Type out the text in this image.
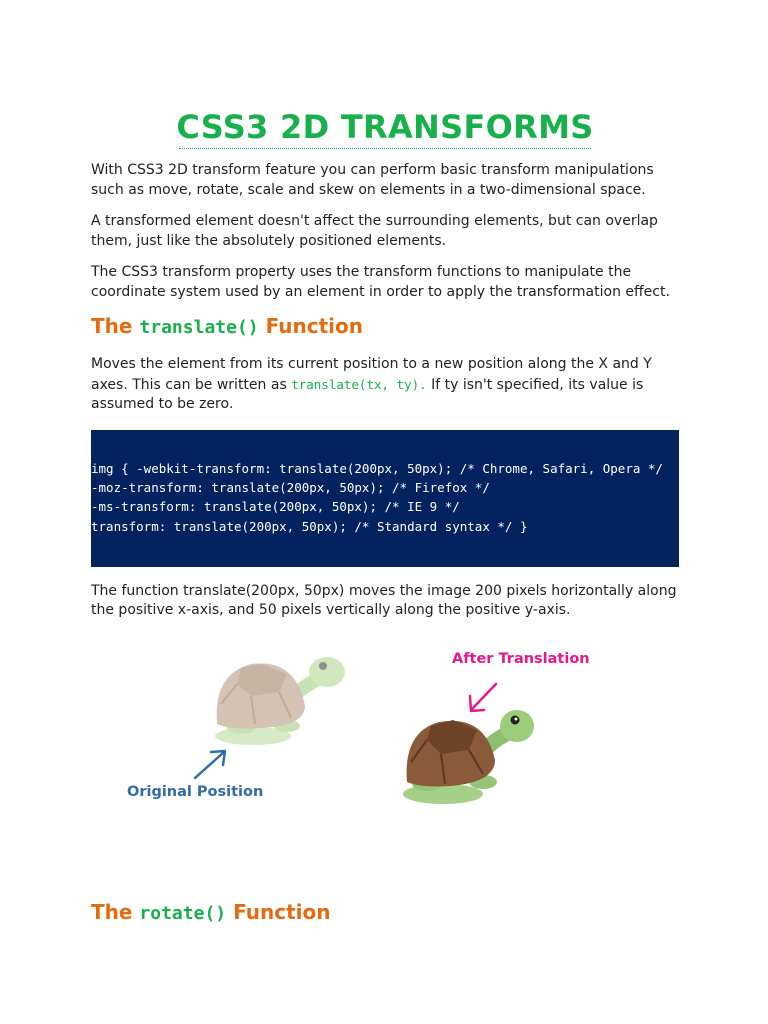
CSS3 2D TRANSFORMS

With CSS3 2D transform feature you can perform basic transform manipulations such as move, rotate, scale and skew on elements in a two-dimensional space.

A transformed element doesn't affect the surrounding elements, but can overlap them, just like the absolutely positioned elements.

The CSS3 transform property uses the transform functions to manipulate the coordinate system used by an element in order to apply the transformation effect.

The translate() Function

Moves the element from its current position to a new position along the X and Y axes. This can be written as translate(tx, ty). If ty isn't specified, its value is assumed to be zero.

img { -webkit-transform: translate(200px, 50px); /* Chrome, Safari, Opera */
-moz-transform: translate(200px, 50px); /* Firefox */
-ms-transform: translate(200px, 50px); /* IE 9 */
transform: translate(200px, 50px); /* Standard syntax */ }

The function translate(200px, 50px) moves the image 200 pixels horizontally along the positive x-axis, and 50 pixels vertically along the positive y-axis.

After Translation
Original Position
The rotate() Function
